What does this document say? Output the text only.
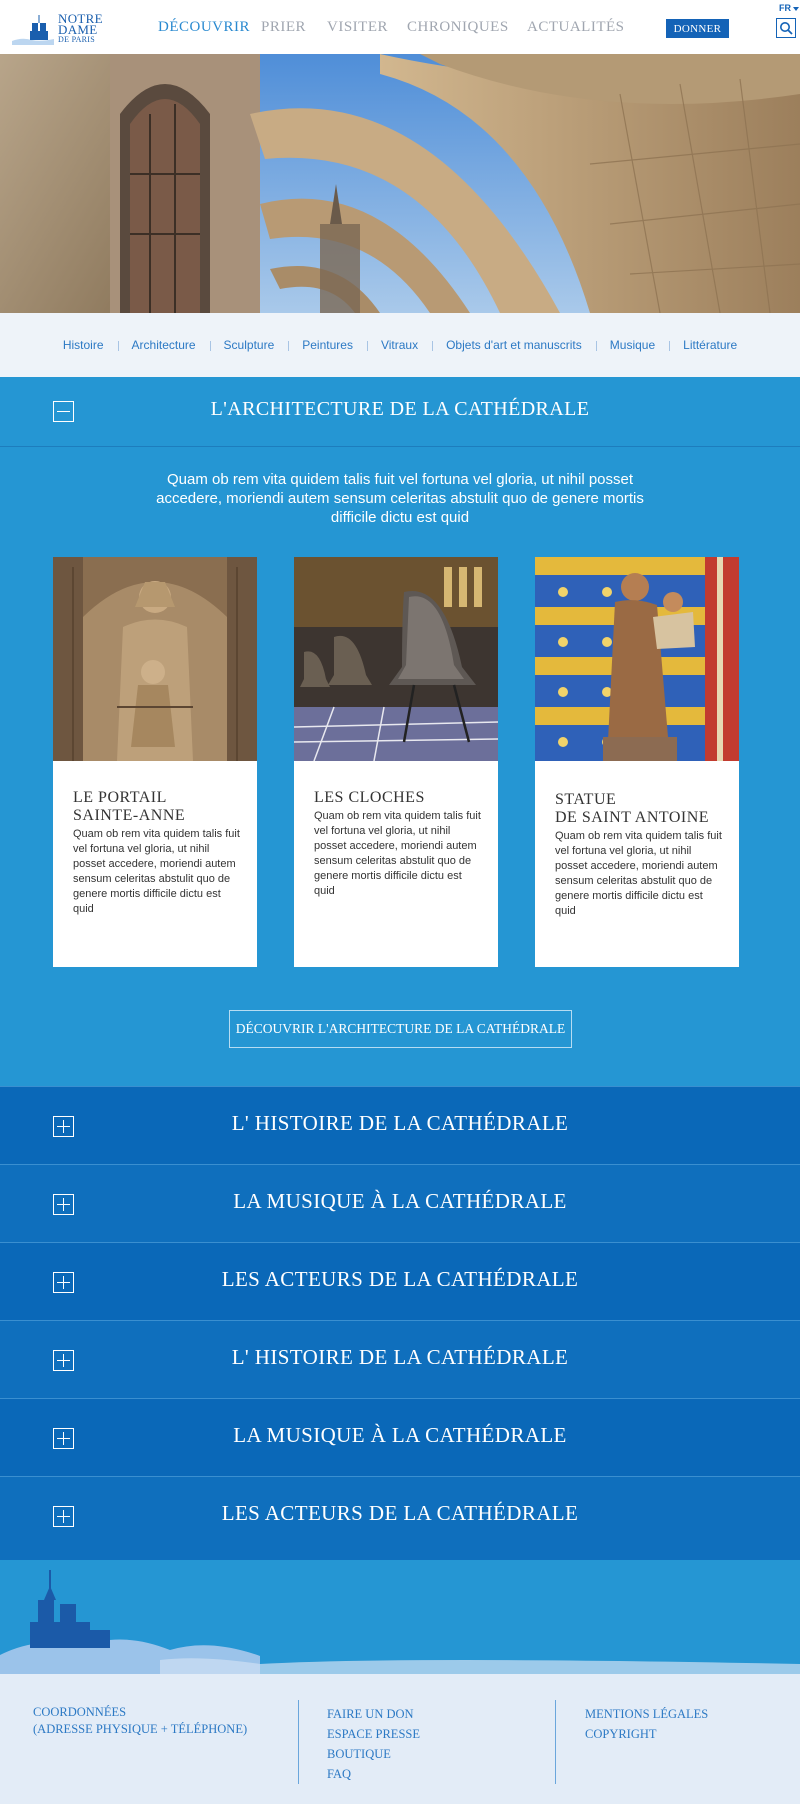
NOTRE
DAME
DE PARIS
DÉCOUVRIR PRIER VISITER CHRONIQUES ACTUALITÉS	DONNER
FR
Histoire	Architecture	Sculpture	Peintures	Vitraux	Objets d'art et manuscrits	Musique	Littérature
L'ARCHITECTURE DE LA CATHÉDRALE
Quam ob rem vita quidem talis fuit vel fortuna vel gloria, ut nihil posset accedere, moriendi autem sensum celeritas abstulit quo de genere mortis difficile dictu est quid
LE PORTAIL
SAINTE-ANNE
Quam ob rem vita quidem talis fuit vel fortuna vel gloria, ut nihil posset accedere, moriendi autem sensum celeritas abstulit quo de genere mortis difficile dictu est quid
LES CLOCHES
Quam ob rem vita quidem talis fuit vel fortuna vel gloria, ut nihil posset accedere, moriendi autem sensum celeritas abstulit quo de genere mortis difficile dictu est quid
STATUE
DE SAINT ANTOINE
Quam ob rem vita quidem talis fuit vel fortuna vel gloria, ut nihil posset accedere, moriendi autem sensum celeritas abstulit quo de genere mortis difficile dictu est quid
DÉCOUVRIR L'ARCHITECTURE DE LA CATHÉDRALE
L' HISTOIRE DE LA CATHÉDRALE
LA MUSIQUE À LA CATHÉDRALE
LES ACTEURS DE LA CATHÉDRALE
L' HISTOIRE DE LA CATHÉDRALE
LA MUSIQUE À LA CATHÉDRALE
LES ACTEURS DE LA CATHÉDRALE
COORDONNÉES
(ADRESSE PHYSIQUE + TÉLÉPHONE)
FAIRE UN DON
ESPACE PRESSE
BOUTIQUE
FAQ
MENTIONS LÉGALES
COPYRIGHT
